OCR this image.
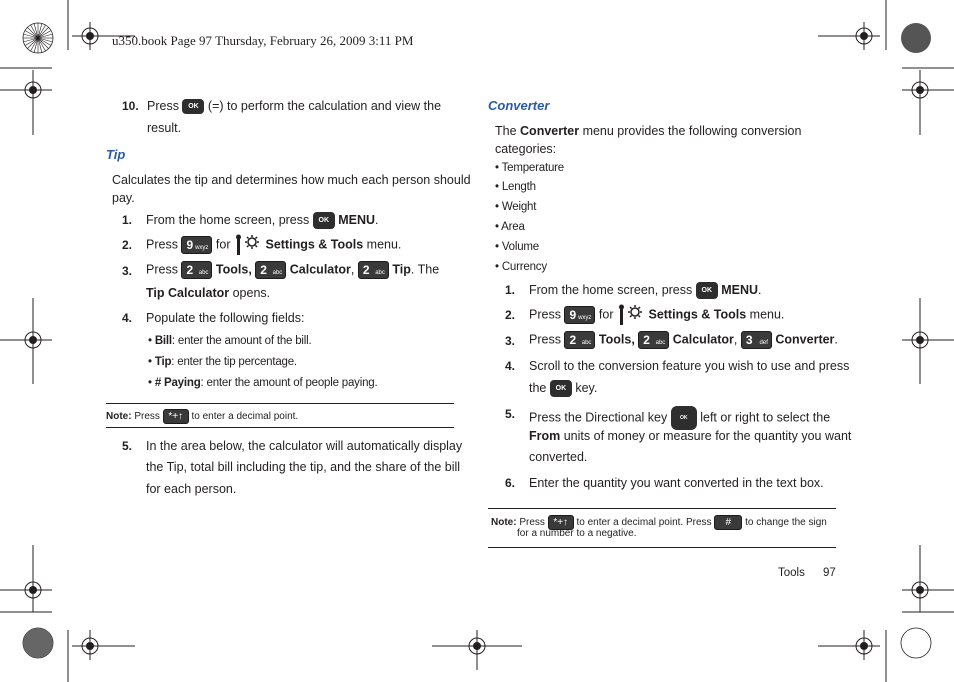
u350.book Page 97 Thursday, February 26, 2009 3:11 PM
10. Press OK (=) to perform the calculation and view the
result.
Tip
Calculates the tip and determines how much each person should
pay.
1. From the home screen, press OK MENU.
2. Press 9 wxyz for	Settings & Tools menu.
3. Press 2 abc Tools, 2 abc Calculator, 2 abc Tip. The
Tip Calculator opens.
4. Populate the following fields:
• Bill: enter the amount of the bill.
• Tip: enter the tip percentage.
• # Paying: enter the amount of people paying.
Note: Press *+↑ to enter a decimal point.
5. In the area below, the calculator will automatically display
the Tip, total bill including the tip, and the share of the bill
for each person.
Converter
The Converter menu provides the following conversion
categories:
• Temperature
• Length
• Weight
• Area
• Volume
• Currency
1. From the home screen, press OK MENU.
2. Press 9 wxyz for	Settings & Tools menu.
3. Press 2 abc Tools, 2 abc Calculator, 3 def Converter.
4. Scroll to the conversion feature you wish to use and press
the OK key.
5. Press the Directional key	OK left or right to select the
From units of money or measure for the quantity you want
converted.
6. Enter the quantity you want converted in the text box.
Note: Press *+↑ to enter a decimal point. Press # to change the sign
for a number to a negative.
Tools 97
